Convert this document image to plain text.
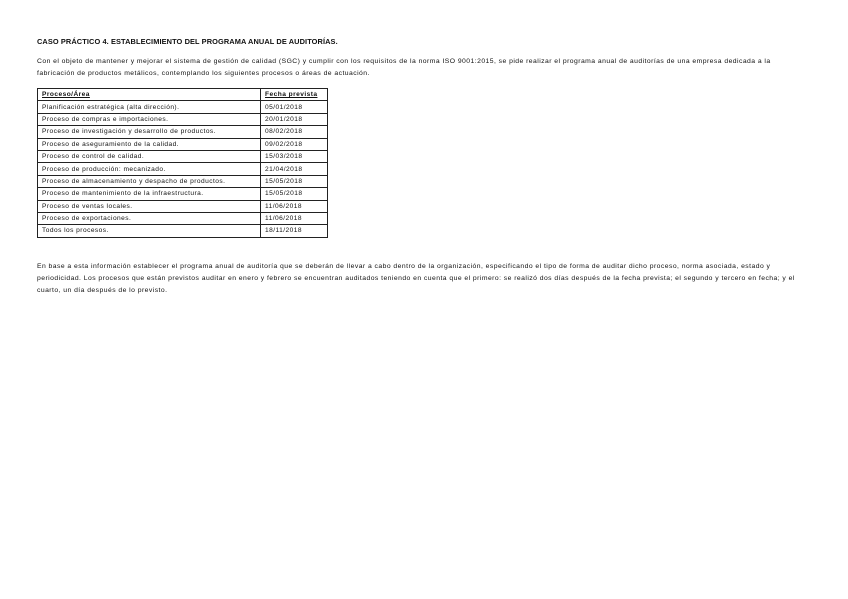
CASO PRÁCTICO 4. ESTABLECIMIENTO DEL PROGRAMA ANUAL DE AUDITORÍAS.

Con el objeto de mantener y mejorar el sistema de gestión de calidad (SGC) y cumplir con los requisitos de la norma ISO 9001:2015, se pide realizar el programa anual de auditorías de una empresa dedicada a la fabricación de productos metálicos, contemplando los siguientes procesos o áreas de actuación.

Proceso/Área	Fecha prevista
Planificación estratégica (alta dirección).	05/01/2018
Proceso de compras e importaciones.	20/01/2018
Proceso de investigación y desarrollo de productos.	08/02/2018
Proceso de aseguramiento de la calidad.	09/02/2018
Proceso de control de calidad.	15/03/2018
Proceso de producción: mecanizado.	21/04/2018
Proceso de almacenamiento y despacho de productos.	15/05/2018
Proceso de mantenimiento de la infraestructura.	15/05/2018
Proceso de ventas locales.	11/06/2018
Proceso de exportaciones.	11/06/2018
Todos los procesos.	18/11/2018

En base a esta información establecer el programa anual de auditoría que se deberán de llevar a cabo dentro de la organización, especificando el tipo de forma de auditar dicho proceso, norma asociada, estado y periodicidad. Los procesos que están previstos auditar en enero y febrero se encuentran auditados teniendo en cuenta que el primero: se realizó dos días después de la fecha prevista; el segundo y tercero en fecha; y el cuarto, un día después de lo previsto.
